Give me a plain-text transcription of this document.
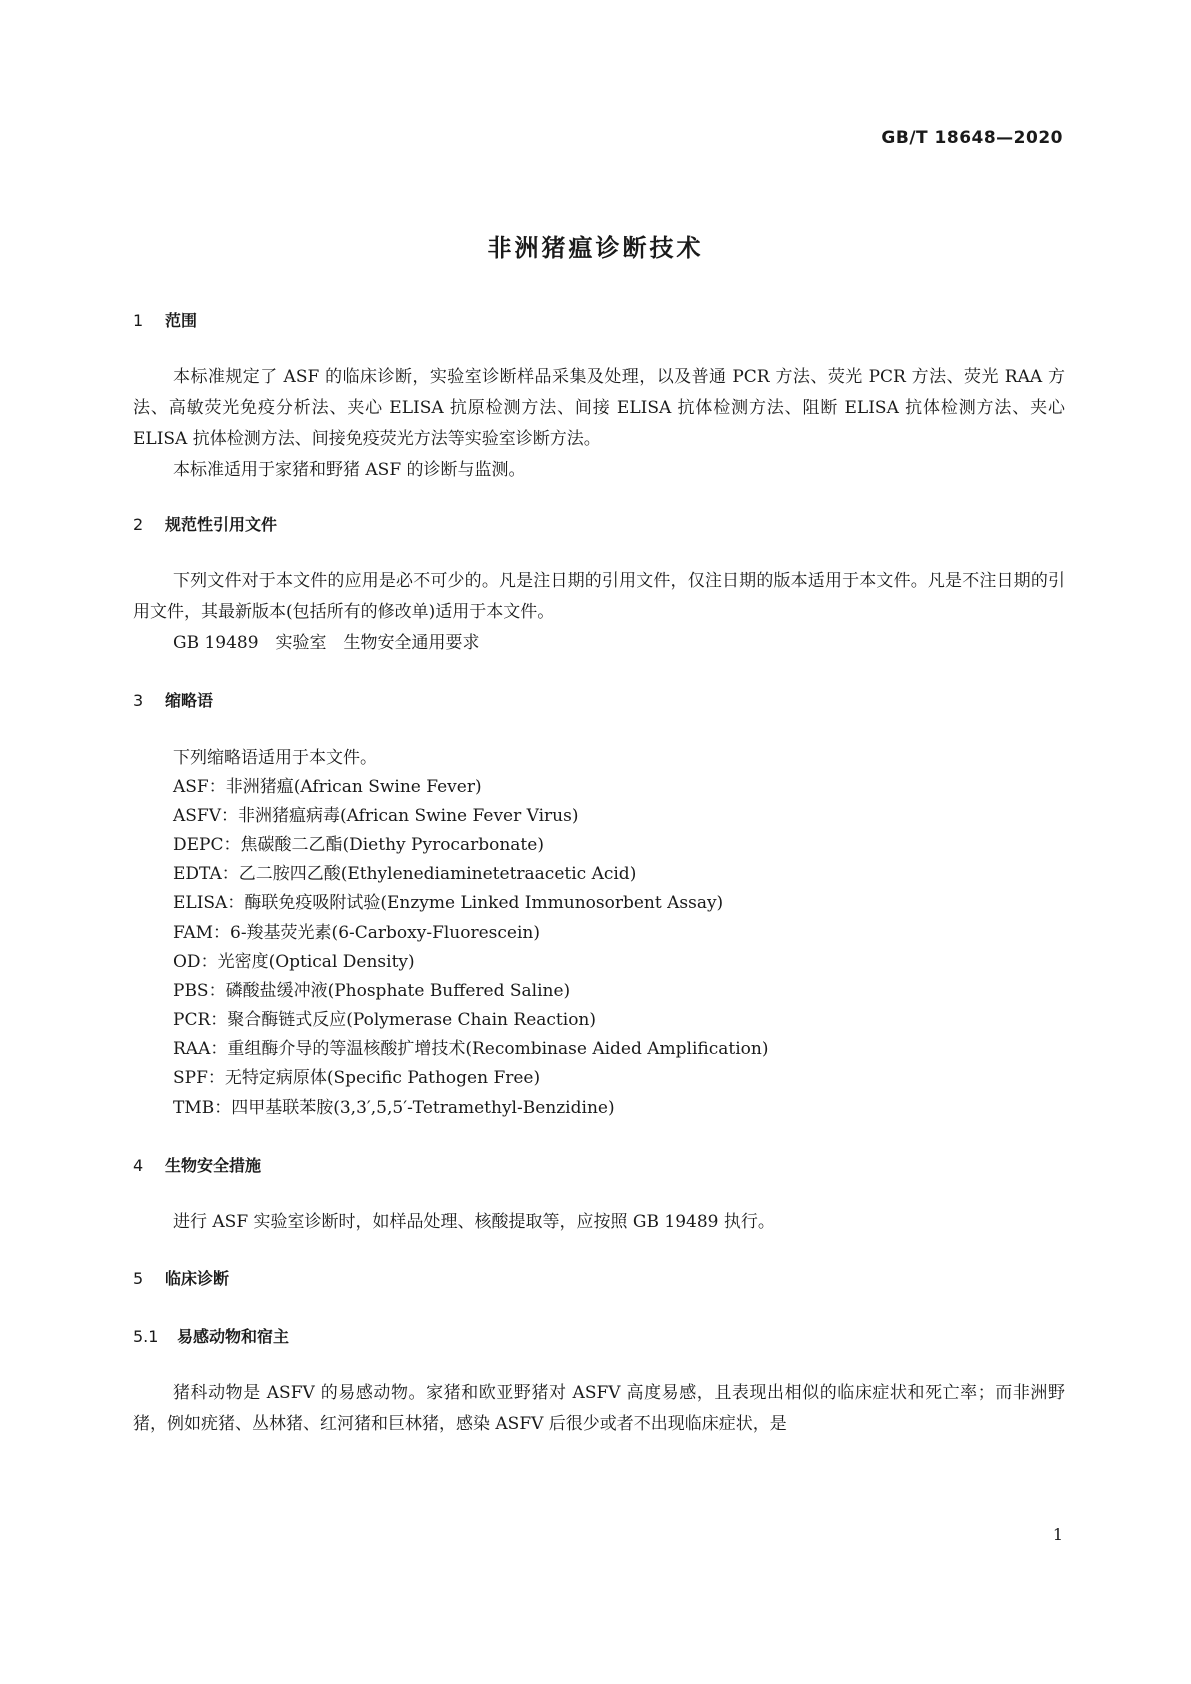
GB/T 18648—2020
非洲猪瘟诊断技术
1 范围
本标准规定了 ASF 的临床诊断，实验室诊断样品采集及处理，以及普通 PCR 方法、荧光 PCR 方法、荧光 RAA 方法、高敏荧光免疫分析法、夹心 ELISA 抗原检测方法、间接 ELISA 抗体检测方法、阻断 ELISA 抗体检测方法、夹心 ELISA 抗体检测方法、间接免疫荧光方法等实验室诊断方法。
本标准适用于家猪和野猪 ASF 的诊断与监测。
2 规范性引用文件
下列文件对于本文件的应用是必不可少的。凡是注日期的引用文件，仅注日期的版本适用于本文件。凡是不注日期的引用文件，其最新版本(包括所有的修改单)适用于本文件。
GB 19489　实验室　生物安全通用要求
3 缩略语
下列缩略语适用于本文件。
ASF：非洲猪瘟(African Swine Fever)
ASFV：非洲猪瘟病毒(African Swine Fever Virus)
DEPC：焦碳酸二乙酯(Diethy Pyrocarbonate)
EDTA：乙二胺四乙酸(Ethylenediaminetetraacetic Acid)
ELISA：酶联免疫吸附试验(Enzyme Linked Immunosorbent Assay)
FAM：6-羧基荧光素(6-Carboxy-Fluorescein)
OD：光密度(Optical Density)
PBS：磷酸盐缓冲液(Phosphate Buffered Saline)
PCR：聚合酶链式反应(Polymerase Chain Reaction)
RAA：重组酶介导的等温核酸扩增技术(Recombinase Aided Amplification)
SPF：无特定病原体(Specific Pathogen Free)
TMB：四甲基联苯胺(3,3′,5,5′-Tetramethyl-Benzidine)
4 生物安全措施
进行 ASF 实验室诊断时，如样品处理、核酸提取等，应按照 GB 19489 执行。
5 临床诊断
5.1 易感动物和宿主
猪科动物是 ASFV 的易感动物。家猪和欧亚野猪对 ASFV 高度易感，且表现出相似的临床症状和死亡率；而非洲野猪，例如疣猪、丛林猪、红河猪和巨林猪，感染 ASFV 后很少或者不出现临床症状，是
1
